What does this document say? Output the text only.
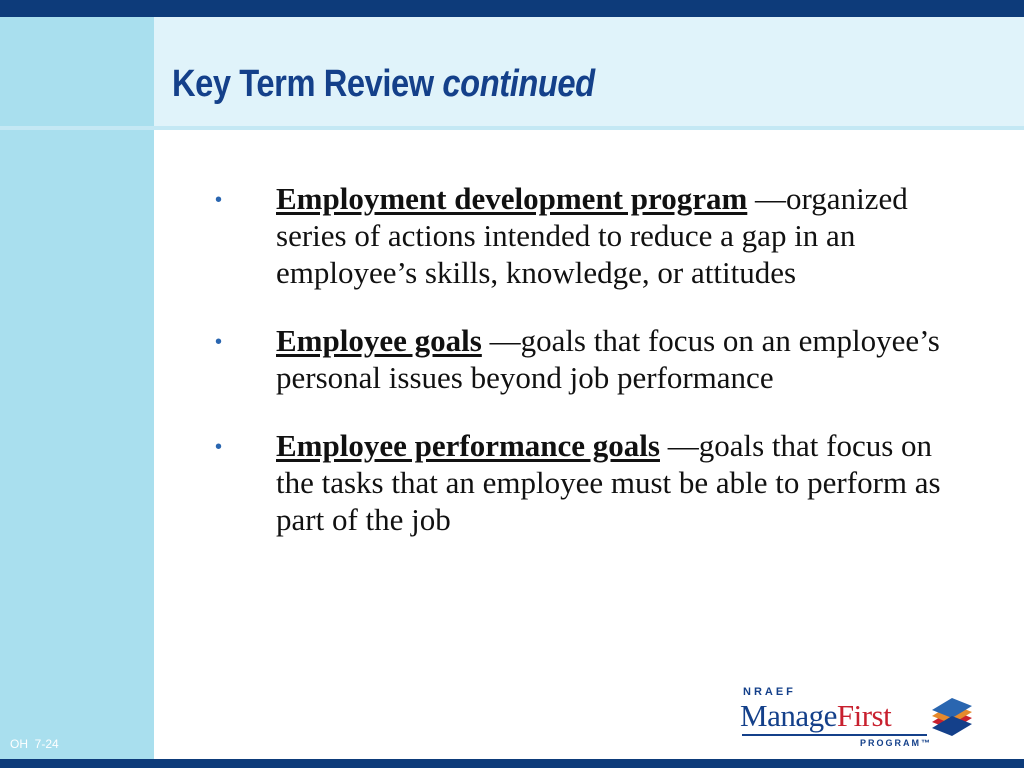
Key Term Review continued
• Employment development program —organized series of actions intended to reduce a gap in an employee’s skills, knowledge, or attitudes
• Employee goals —goals that focus on an employee’s personal issues beyond job performance
• Employee performance goals —goals that focus on the tasks that an employee must be able to perform as part of the job
OH  7-24
NRAEF
ManageFirst
PROGRAM™
